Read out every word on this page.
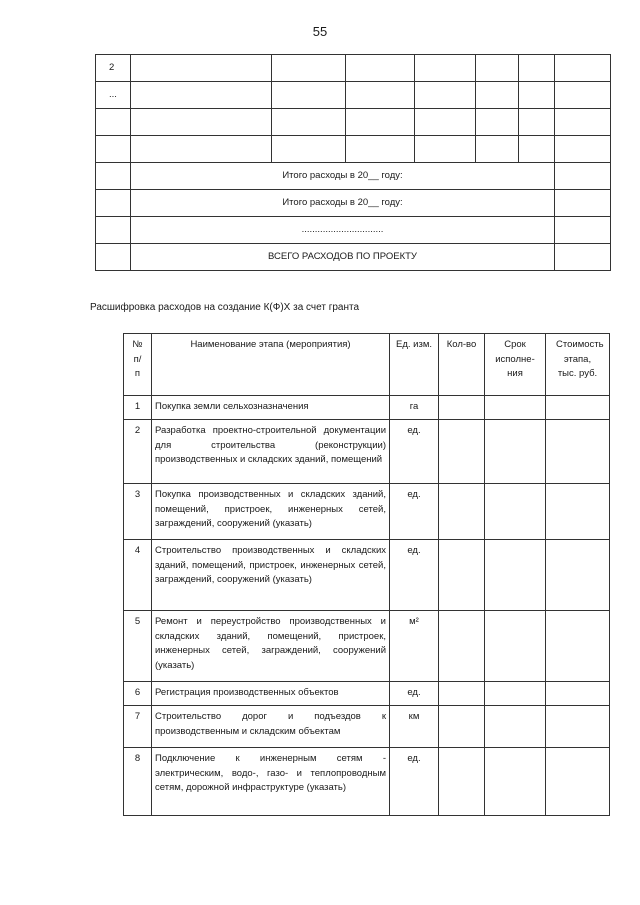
55
2							
...							

	Итого расходы в 20__ году:						
	Итого расходы в 20__ году:						
	...............................						
	ВСЕГО РАСХОДОВ ПО ПРОЕКТУ						
Расшифровка расходов на создание К(Ф)Х за счет гранта
№ п/п	Наименование этапа (мероприятия)	Ед. изм.	Кол-во	Срок исполне-ния	Стоимость этапа, тыс. руб.
1	Покупка земли сельхозназначения	га			
2	Разработка проектно-строительной документации для строительства (реконструкции) производственных и складских зданий, помещений	ед.			
3	Покупка производственных и складских зданий, помещений, пристроек, инженерных сетей, заграждений, сооружений (указать)	ед.			
4	Строительство производственных и складских зданий, помещений, пристроек, инженерных сетей, заграждений, сооружений (указать)	ед.			
5	Ремонт и переустройство производственных и складских зданий, помещений, пристроек, инженерных сетей, заграждений, сооружений (указать)	м²			
6	Регистрация производственных объектов	ед.			
7	Строительство дорог и подъездов к производственным и складским объектам	км			
8	Подключение к инженерным сетям - электрическим, водо-, газо- и теплопроводным сетям, дорожной инфраструктуре (указать)	ед.			
